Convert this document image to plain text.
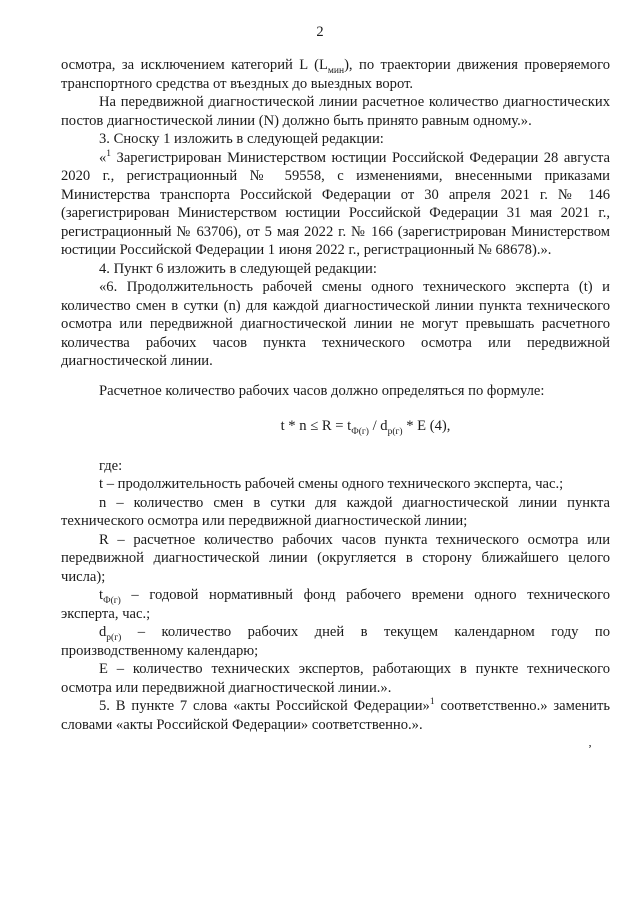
2

осмотра, за исключением категорий L $(L_{мин})$, по траектории движения проверяемого транспортного средства от въездных до выездных ворот.

На передвижной диагностической линии расчетное количество диагностических постов диагностической линии (N) должно быть принято равным одному.».

3. Сноску 1 изложить в следующей редакции:

«$^1$ Зарегистрирован Министерством юстиции Российской Федерации 28 августа 2020 г., регистрационный № 59558, с изменениями, внесенными приказами Министерства транспорта Российской Федерации от 30 апреля 2021 г. № 146 (зарегистрирован Министерством юстиции Российской Федерации 31 мая 2021 г., регистрационный № 63706), от 5 мая 2022 г. № 166 (зарегистрирован Министерством юстиции Российской Федерации 1 июня 2022 г., регистрационный № 68678).».

4. Пункт 6 изложить в следующей редакции:

«6. Продолжительность рабочей смены одного технического эксперта (t) и количество смен в сутки (n) для каждой диагностической линии пункта технического осмотра или передвижной диагностической линии не могут превышать расчетного количества рабочих часов пункта технического осмотра или передвижной диагностической линии.

Расчетное количество рабочих часов должно определяться по формуле:

$t * n \le R = t_{Ф(г)} / d_{р(г)} * E$ (4),

где:

t – продолжительность рабочей смены одного технического эксперта, час.;

n – количество смен в сутки для каждой диагностической линии пункта технического осмотра или передвижной диагностической линии;

R – расчетное количество рабочих часов пункта технического осмотра или передвижной диагностической линии (округляется в сторону ближайшего целого числа);

$t_{Ф(г)}$ – годовой нормативный фонд рабочего времени одного технического эксперта, час.;

$d_{р(г)}$ – количество рабочих дней в текущем календарном году по производственному календарю;

E – количество технических экспертов, работающих в пункте технического осмотра или передвижной диагностической линии.».

5. В пункте 7 слова «акты Российской Федерации»$^1$ соответственно.» заменить словами «акты Российской Федерации» соответственно.».

ʼ
